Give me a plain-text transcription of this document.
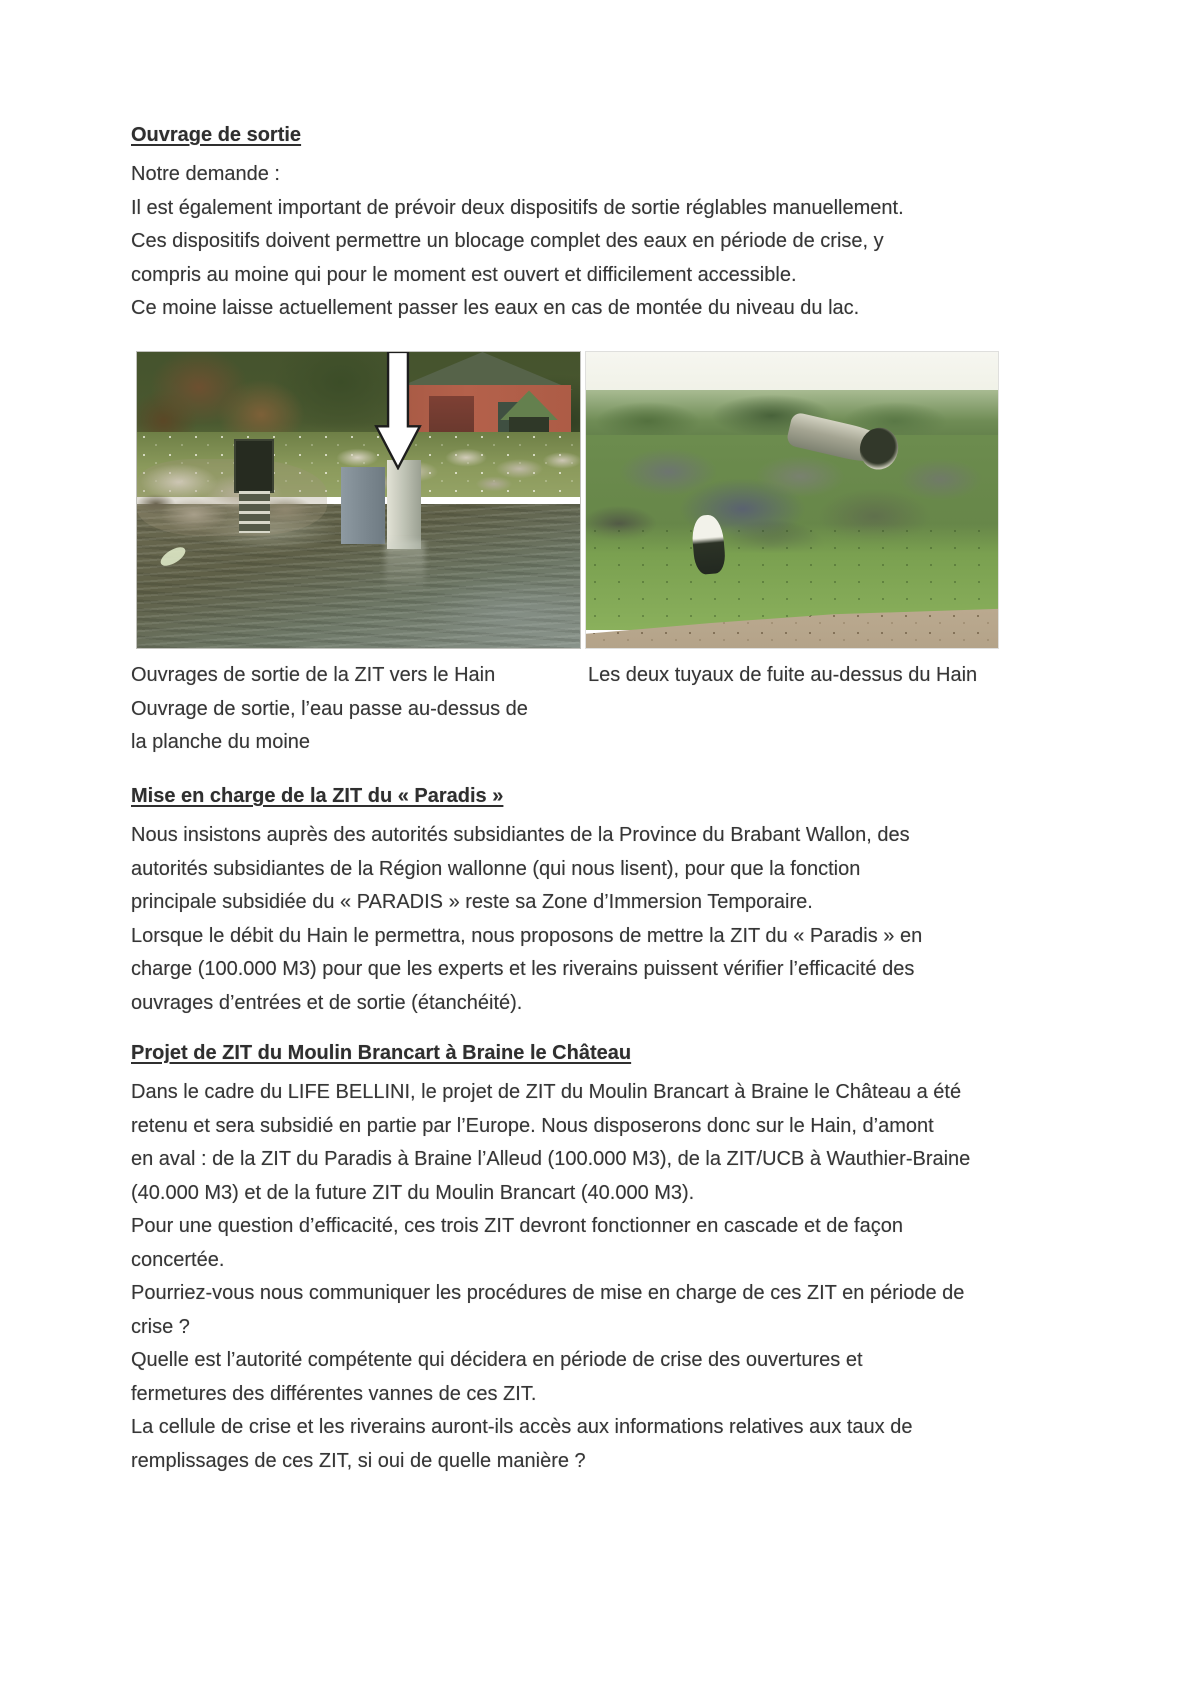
Ouvrage de sortie
Notre demande :
Il est également important de prévoir deux dispositifs de sortie réglables manuellement.
Ces dispositifs doivent permettre un blocage complet des eaux en période de crise, y
compris au moine qui pour le moment est ouvert et difficilement accessible.
Ce moine laisse actuellement passer les eaux en cas de montée du niveau du lac.
Ouvrages de sortie de la ZIT vers le Hain
Ouvrage de sortie, l’eau passe au-dessus de
la planche du moine
Les deux tuyaux de fuite au-dessus du Hain
Mise en charge de la ZIT du « Paradis »
Nous insistons auprès des autorités subsidiantes de la Province du Brabant Wallon, des
autorités subsidiantes de la Région wallonne (qui nous lisent), pour que la fonction
principale subsidiée du « PARADIS » reste sa Zone d’Immersion Temporaire.
Lorsque le débit du Hain le permettra, nous proposons de mettre la ZIT du « Paradis » en
charge (100.000 M3) pour que les experts et les riverains puissent vérifier l’efficacité des
ouvrages d’entrées et de sortie (étanchéité).
Projet de ZIT du Moulin Brancart à Braine le Château
Dans le cadre du LIFE BELLINI, le projet de ZIT du Moulin Brancart à Braine le Château a été
retenu et sera subsidié en partie par l’Europe. Nous disposerons donc sur le Hain, d’amont
en aval : de la ZIT du Paradis à Braine l’Alleud (100.000 M3), de la ZIT/UCB à Wauthier-Braine
(40.000 M3) et de la future ZIT du Moulin Brancart (40.000 M3).
Pour une question d’efficacité, ces trois ZIT devront fonctionner en cascade et de façon
concertée.
Pourriez-vous nous communiquer les procédures de mise en charge de ces ZIT en période de
crise ?
Quelle est l’autorité compétente qui décidera en période de crise des ouvertures et
fermetures des différentes vannes de ces ZIT.
La cellule de crise et les riverains auront-ils accès aux informations relatives aux taux de
remplissages de ces ZIT, si oui de quelle manière ?
